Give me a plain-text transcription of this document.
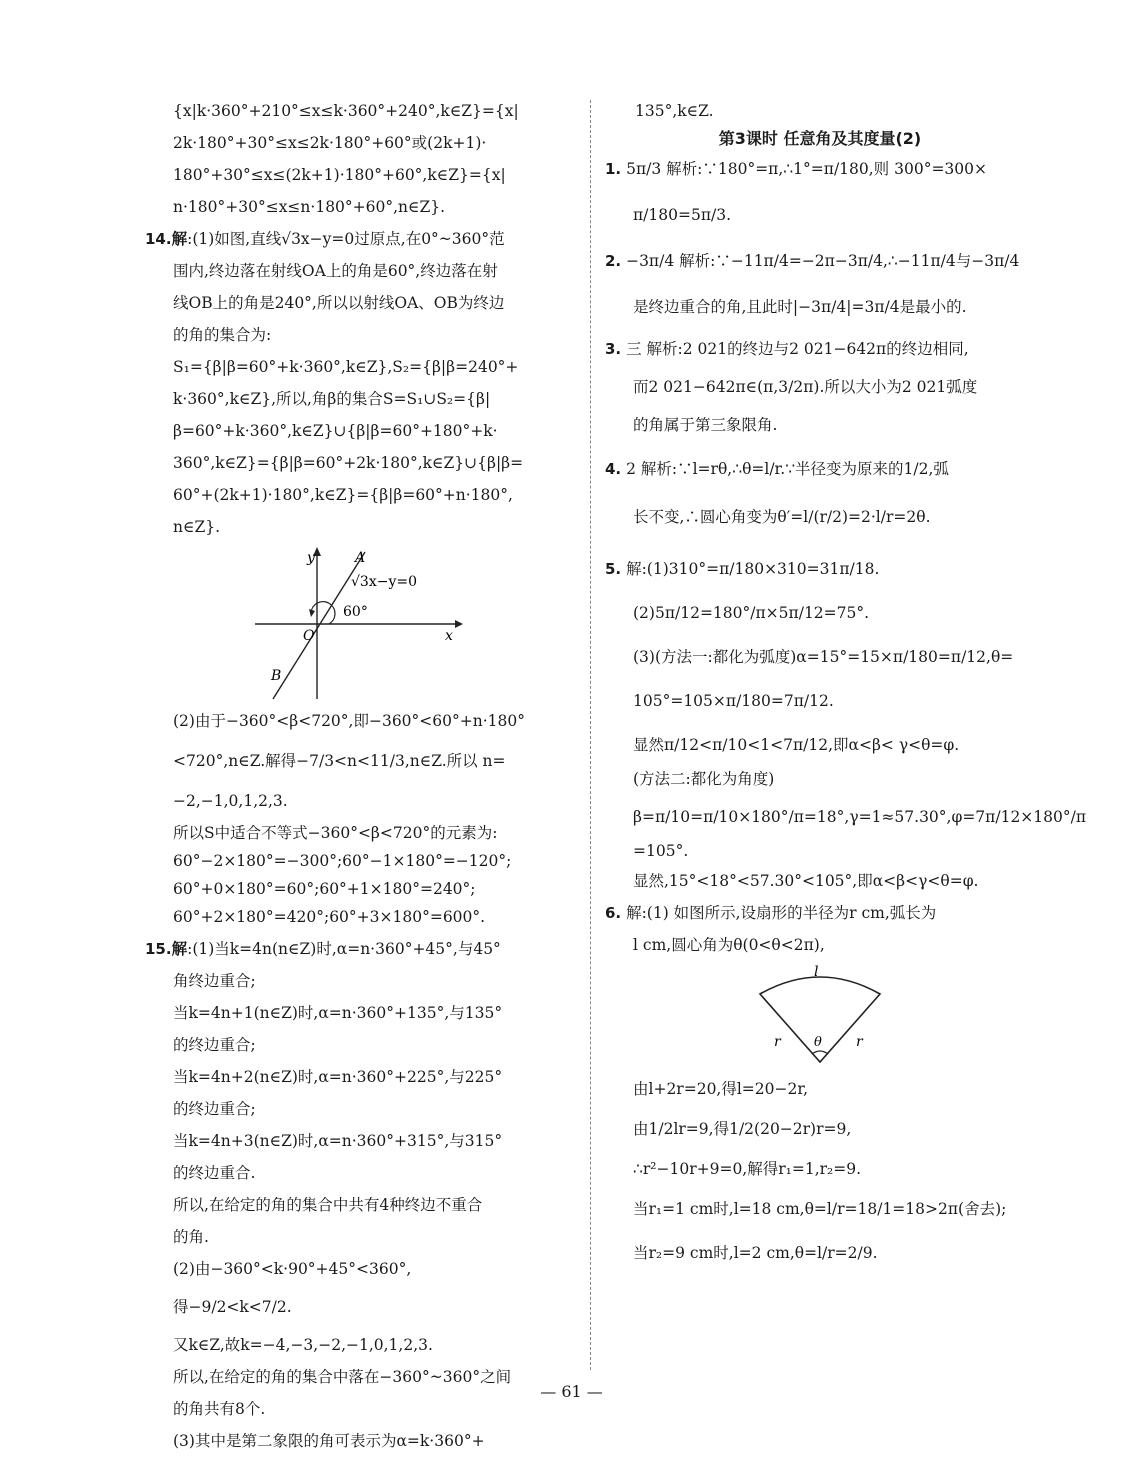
{x|k·360°+210°≤x≤k·360°+240°,k∈Z}={x|
2k·180°+30°≤x≤2k·180°+60°或(2k+1)·
180°+30°≤x≤(2k+1)·180°+60°,k∈Z}={x|
n·180°+30°≤x≤n·180°+60°,n∈Z}.
14.解:(1)如图,直线√3x−y=0过原点,在0°~360°范
围内,终边落在射线OA上的角是60°,终边落在射
线OB上的角是240°,所以以射线OA、OB为终边
的角的集合为:
S₁={β|β=60°+k·360°,k∈Z},S₂={β|β=240°+
k·360°,k∈Z},所以,角β的集合S=S₁∪S₂={β|
β=60°+k·360°,k∈Z}∪{β|β=60°+180°+k·
360°,k∈Z}={β|β=60°+2k·180°,k∈Z}∪{β|β=
60°+(2k+1)·180°,k∈Z}={β|β=60°+n·180°,
n∈Z}.
y
x
A
O
B
√3x−y=0
60°
(2)由于−360°<β<720°,即−360°<60°+n·180°
<720°,n∈Z.解得−7/3<n<11/3,n∈Z.所以 n=
−2,−1,0,1,2,3.
所以S中适合不等式−360°<β<720°的元素为:
60°−2×180°=−300°;60°−1×180°=−120°;
60°+0×180°=60°;60°+1×180°=240°;
60°+2×180°=420°;60°+3×180°=600°.
15.解:(1)当k=4n(n∈Z)时,α=n·360°+45°,与45°
角终边重合;
当k=4n+1(n∈Z)时,α=n·360°+135°,与135°
的终边重合;
当k=4n+2(n∈Z)时,α=n·360°+225°,与225°
的终边重合;
当k=4n+3(n∈Z)时,α=n·360°+315°,与315°
的终边重合.
所以,在给定的角的集合中共有4种终边不重合
的角.
(2)由−360°<k·90°+45°<360°,
得−9/2<k<7/2.
又k∈Z,故k=−4,−3,−2,−1,0,1,2,3.
所以,在给定的角的集合中落在−360°~360°之间
的角共有8个.
(3)其中是第二象限的角可表示为α=k·360°+
135°,k∈Z.
第3课时 任意角及其度量(2)
1. 5π/3 解析:∵180°=π,∴1°=π/180,则 300°=300×
π/180=5π/3.
2. −3π/4 解析:∵−11π/4=−2π−3π/4,∴−11π/4与−3π/4
是终边重合的角,且此时|−3π/4|=3π/4是最小的.
3. 三 解析:2 021的终边与2 021−642π的终边相同,
而2 021−642π∈(π,3/2π).所以大小为2 021弧度
的角属于第三象限角.
4. 2 解析:∵l=rθ,∴θ=l/r.∵半径变为原来的1/2,弧
长不变,∴圆心角变为θ′=l/(r/2)=2·l/r=2θ.
5. 解:(1)310°=π/180×310=31π/18.
(2)5π/12=180°/π×5π/12=75°.
(3)(方法一:都化为弧度)α=15°=15×π/180=π/12,θ=
105°=105×π/180=7π/12.
显然π/12<π/10<1<7π/12,即α<β< γ<θ=φ.
(方法二:都化为角度)
β=π/10=π/10×180°/π=18°,γ=1≈57.30°,φ=7π/12×180°/π
=105°.
显然,15°<18°<57.30°<105°,即α<β<γ<θ=φ.
6. 解:(1) 如图所示,设扇形的半径为r cm,弧长为
l cm,圆心角为θ(0<θ<2π),
l
r	r
θ
由l+2r=20,得l=20−2r,
由1/2lr=9,得1/2(20−2r)r=9,
∴r²−10r+9=0,解得r₁=1,r₂=9.
当r₁=1 cm时,l=18 cm,θ=l/r=18/1=18>2π(舍去);
当r₂=9 cm时,l=2 cm,θ=l/r=2/9.
— 61 —
